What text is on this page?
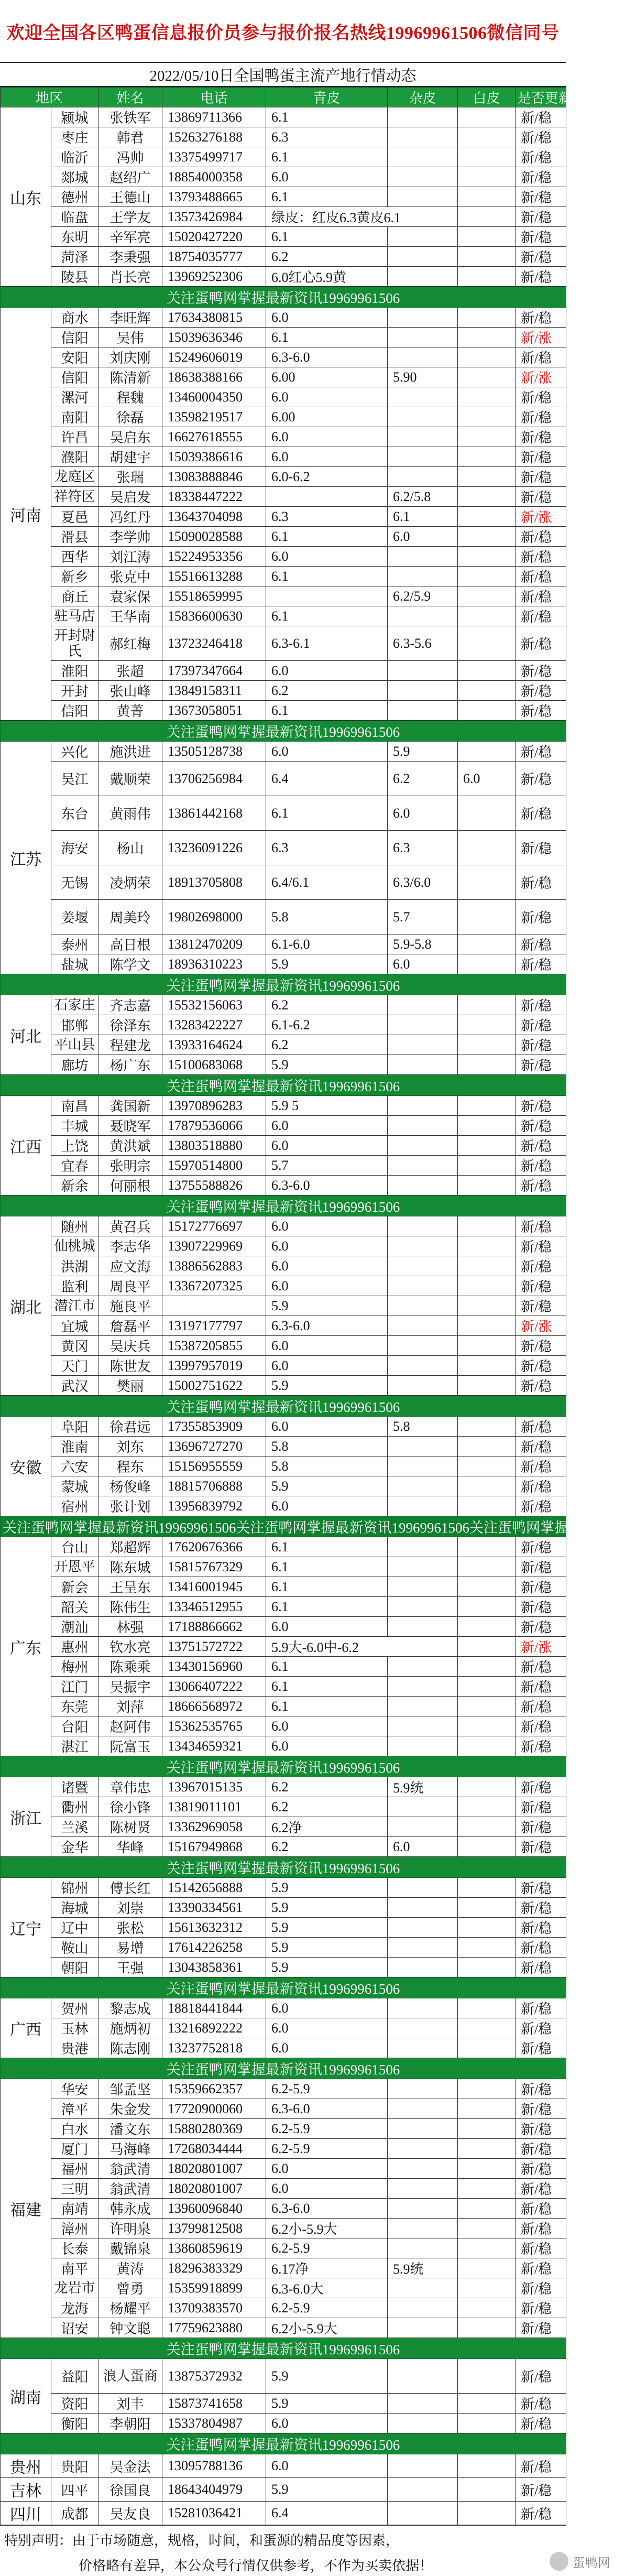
欢迎全国各区鸭蛋信息报价员参与报价报名热线19969961506微信同号
2022/05/10日全国鸭蛋主流产地行情动态
地区		姓名	电话	青皮	杂皮	白皮	是否更新
山东	颍城	张铁军	13869711366	6.1			新/稳
	枣庄	韩君	15263276188	6.3			新/稳
	临沂	冯帅	13375499717	6.1			新/稳
	郯城	赵绍广	18854000358	6.0			新/稳
	德州	王德山	13793488665	6.1			新/稳
	临盘	王学友	13573426984	绿皮：红皮6.3黄皮6.1			新/稳
	东明	辛军亮	15020427220	6.1			新/稳
	菏泽	李秉强	18754035777	6.2			新/稳
	陵县	肖长亮	13969252306	6.0红心5.9黄			新/稳
关注蛋鸭网掌握最新资讯19969961506							
河南	商水	李旺辉	17634380815	6.0			新/稳
	信阳	吴伟	15039636346	6.1			新/涨
	安阳	刘庆刚	15249606019	6.3-6.0			新/稳
	信阳	陈清新	18638388166	6.00	5.90		新/涨
	漯河	程魏	13460004350	6.0			新/稳
	南阳	徐磊	13598219517	6.00			新/稳
	许昌	吴启东	16627618555	6.0			新/稳
	濮阳	胡建宇	15039386616	6.0			新/稳
	龙庭区	张瑞	13083888846	6.0-6.2			新/稳
	祥符区	吴启发	18338447222		6.2/5.8		新/稳
	夏邑	冯红丹	13643704098	6.3	6.1		新/涨
	滑县	李学帅	15090028588	6.1	6.0		新/稳
	西华	刘江涛	15224953356	6.0			新/稳
	新乡	张克中	15516613288	6.1			新/稳
	商丘	袁家保	15518659995		6.2/5.9		新/稳
	驻马店	王华南	15836600630	6.1			新/稳
	开封尉氏	郝红梅	13723246418	6.3-6.1	6.3-5.6		新/稳
	淮阳	张超	17397347664	6.0			新/稳
	开封	张山峰	13849158311	6.2			新/稳
	信阳	黄菁	13673058051	6.1			新/稳
关注蛋鸭网掌握最新资讯19969961506							
江苏	兴化	施洪进	13505128738	6.0	5.9		新/稳
	吴江	戴顺荣	13706256984	6.4	6.2	6.0	新/稳
	东台	黄雨伟	13861442168	6.1	6.0		新/稳
	海安	杨山	13236091226	6.3	6.3		新/稳
	无锡	凌炳荣	18913705808	6.4/6.1	6.3/6.0		新/稳
	姜堰	周美玲	19802698000	5.8	5.7		新/稳
	泰州	高日根	13812470209	6.1-6.0	5.9-5.8		新/稳
	盐城	陈学文	18936310223	5.9	6.0		新/稳
关注蛋鸭网掌握最新资讯19969961506							
河北	石家庄	齐志嘉	15532156063	6.2			新/稳
	邯郸	徐泽东	13283422227	6.1-6.2			新/稳
	平山县	程建龙	13933164624	6.2			新/稳
	廊坊	杨广东	15100683068	5.9			新/稳
关注蛋鸭网掌握最新资讯19969961506							
江西	南昌	龚国新	13970896283	5.9 5			新/稳
	丰城	聂晓军	17879536066	6.0			新/稳
	上饶	黄洪斌	13803518880	6.0			新/稳
	宜春	张明宗	15970514800	5.7			新/稳
	新余	何丽根	13755588826	6.3-6.0			新/稳
关注蛋鸭网掌握最新资讯19969961506							
湖北	随州	黄召兵	15172776697	6.0			新/稳
	仙桃城	李志华	13907229969	6.0			新/稳
	洪湖	应文海	13886562883	6.0			新/稳
	监利	周良平	13367207325	6.0			新/稳
	潜江市	施良平		5.9			新/稳
	宜城	詹磊平	13197177797	6.3-6.0			新/涨
	黄冈	吴庆兵	15387205855	6.0			新/稳
	天门	陈世友	13997957019	6.0			新/稳
	武汉	樊丽	15002751622	5.9			新/稳
关注蛋鸭网掌握最新资讯19969961506							
安徽	阜阳	徐君远	17355853909	6.0	5.8		新/稳
	淮南	刘东	13696727270	5.8			新/稳
	六安	程东	15156955559	5.8			新/稳
	蒙城	杨俊峰	18815706888	5.9			新/稳
	宿州	张计划	13956839792	6.0			新/稳
关注蛋鸭网掌握最新资讯19969961506关注蛋鸭网掌握最新资讯19969961506关注蛋鸭网掌握最新资讯							
广东	台山	郑超辉	17620676366	6.1			新/稳
	开恩平	陈东城	15815767329	6.1			新/稳
	新会	王呈东	13416001945	6.1			新/稳
	韶关	陈伟生	13346512955	6.1			新/稳
	潮汕	林强	17188866662	6.0			新/稳
	惠州	钦水亮	13751572722	5.9大-6.0中-6.2			新/涨
	梅州	陈乘乘	13430156960	6.1			新/稳
	江门	吴振宇	13066407222	6.1			新/稳
	东莞	刘萍	18666568972	6.1			新/稳
	台阳	赵阿伟	15362535765	6.0			新/稳
	湛江	阮富玉	13434659321	6.0			新/稳
关注蛋鸭网掌握最新资讯19969961506							
浙江	诸暨	章伟忠	13967015135	6.2	5.9统		新/稳
	衢州	徐小锋	13819011101	6.2			新/稳
	兰溪	陈树贤	13362969058	6.2净			新/稳
	金华	华峰	15167949868	6.2	6.0		新/稳
关注蛋鸭网掌握最新资讯19969961506							
辽宁	锦州	傅长红	15142656888	5.9			新/稳
	海城	刘崇	13390334561	5.9			新/稳
	辽中	张松	15613632312	5.9			新/稳
	鞍山	易增	17614226258	5.9			新/稳
	朝阳	王强	13043858361	5.9			新/稳
关注蛋鸭网掌握最新资讯19969961506							
广西	贺州	黎志成	18818441844	6.0			新/稳
	玉林	施炳初	13216892222	6.0			新/稳
	贵港	陈志刚	13237752818	6.0			新/稳
关注蛋鸭网掌握最新资讯19969961506							
福建	华安	邹孟坚	15359662357	6.2-5.9			新/稳
	漳平	朱金发	17720900060	6.3-6.0			新/稳
	白水	潘文东	15880280369	6.2-5.9			新/稳
	厦门	马海峰	17268034444	6.2-5.9			新/稳
	福州	翁武清	18020801007	6.0			新/稳
	三明	翁武清	18020801007	6.0			新/稳
	南靖	韩永成	13960096840	6.3-6.0			新/稳
	漳州	许明泉	13799812508	6.2小-5.9大			新/稳
	长泰	戴锦泉	13860859619	6.2-5.9			新/稳
	南平	黄涛	18296383329	6.17净	5.9统		新/稳
	龙岩市	曾勇	15359918899	6.3-6.0大			新/稳
	龙海	杨耀平	13709383570	6.2-5.9			新/稳
	诏安	钟文聪	17759623880	6.2小-5.9大			新/稳
关注蛋鸭网掌握最新资讯19969961506							
湖南	益阳	浪人蛋商	13875372932	5.9			新/稳
	资阳	刘丰	15873741658	5.9			新/稳
	衡阳	李朝阳	15337804987	6.0			新/稳
关注蛋鸭网掌握最新资讯19969961506							
贵州	贵阳	吴金法	13095788136	6.0			新/稳
吉林	四平	徐国良	18643404979	5.9			新/稳
四川	成都	吴友良	15281036421	6.4			新/稳
特别声明：由于市场随意，规格，时间，和蛋源的精品度等因素，
价格略有差异，本公众号行情仅供参考，不作为买卖依据！	蛋鸭网
